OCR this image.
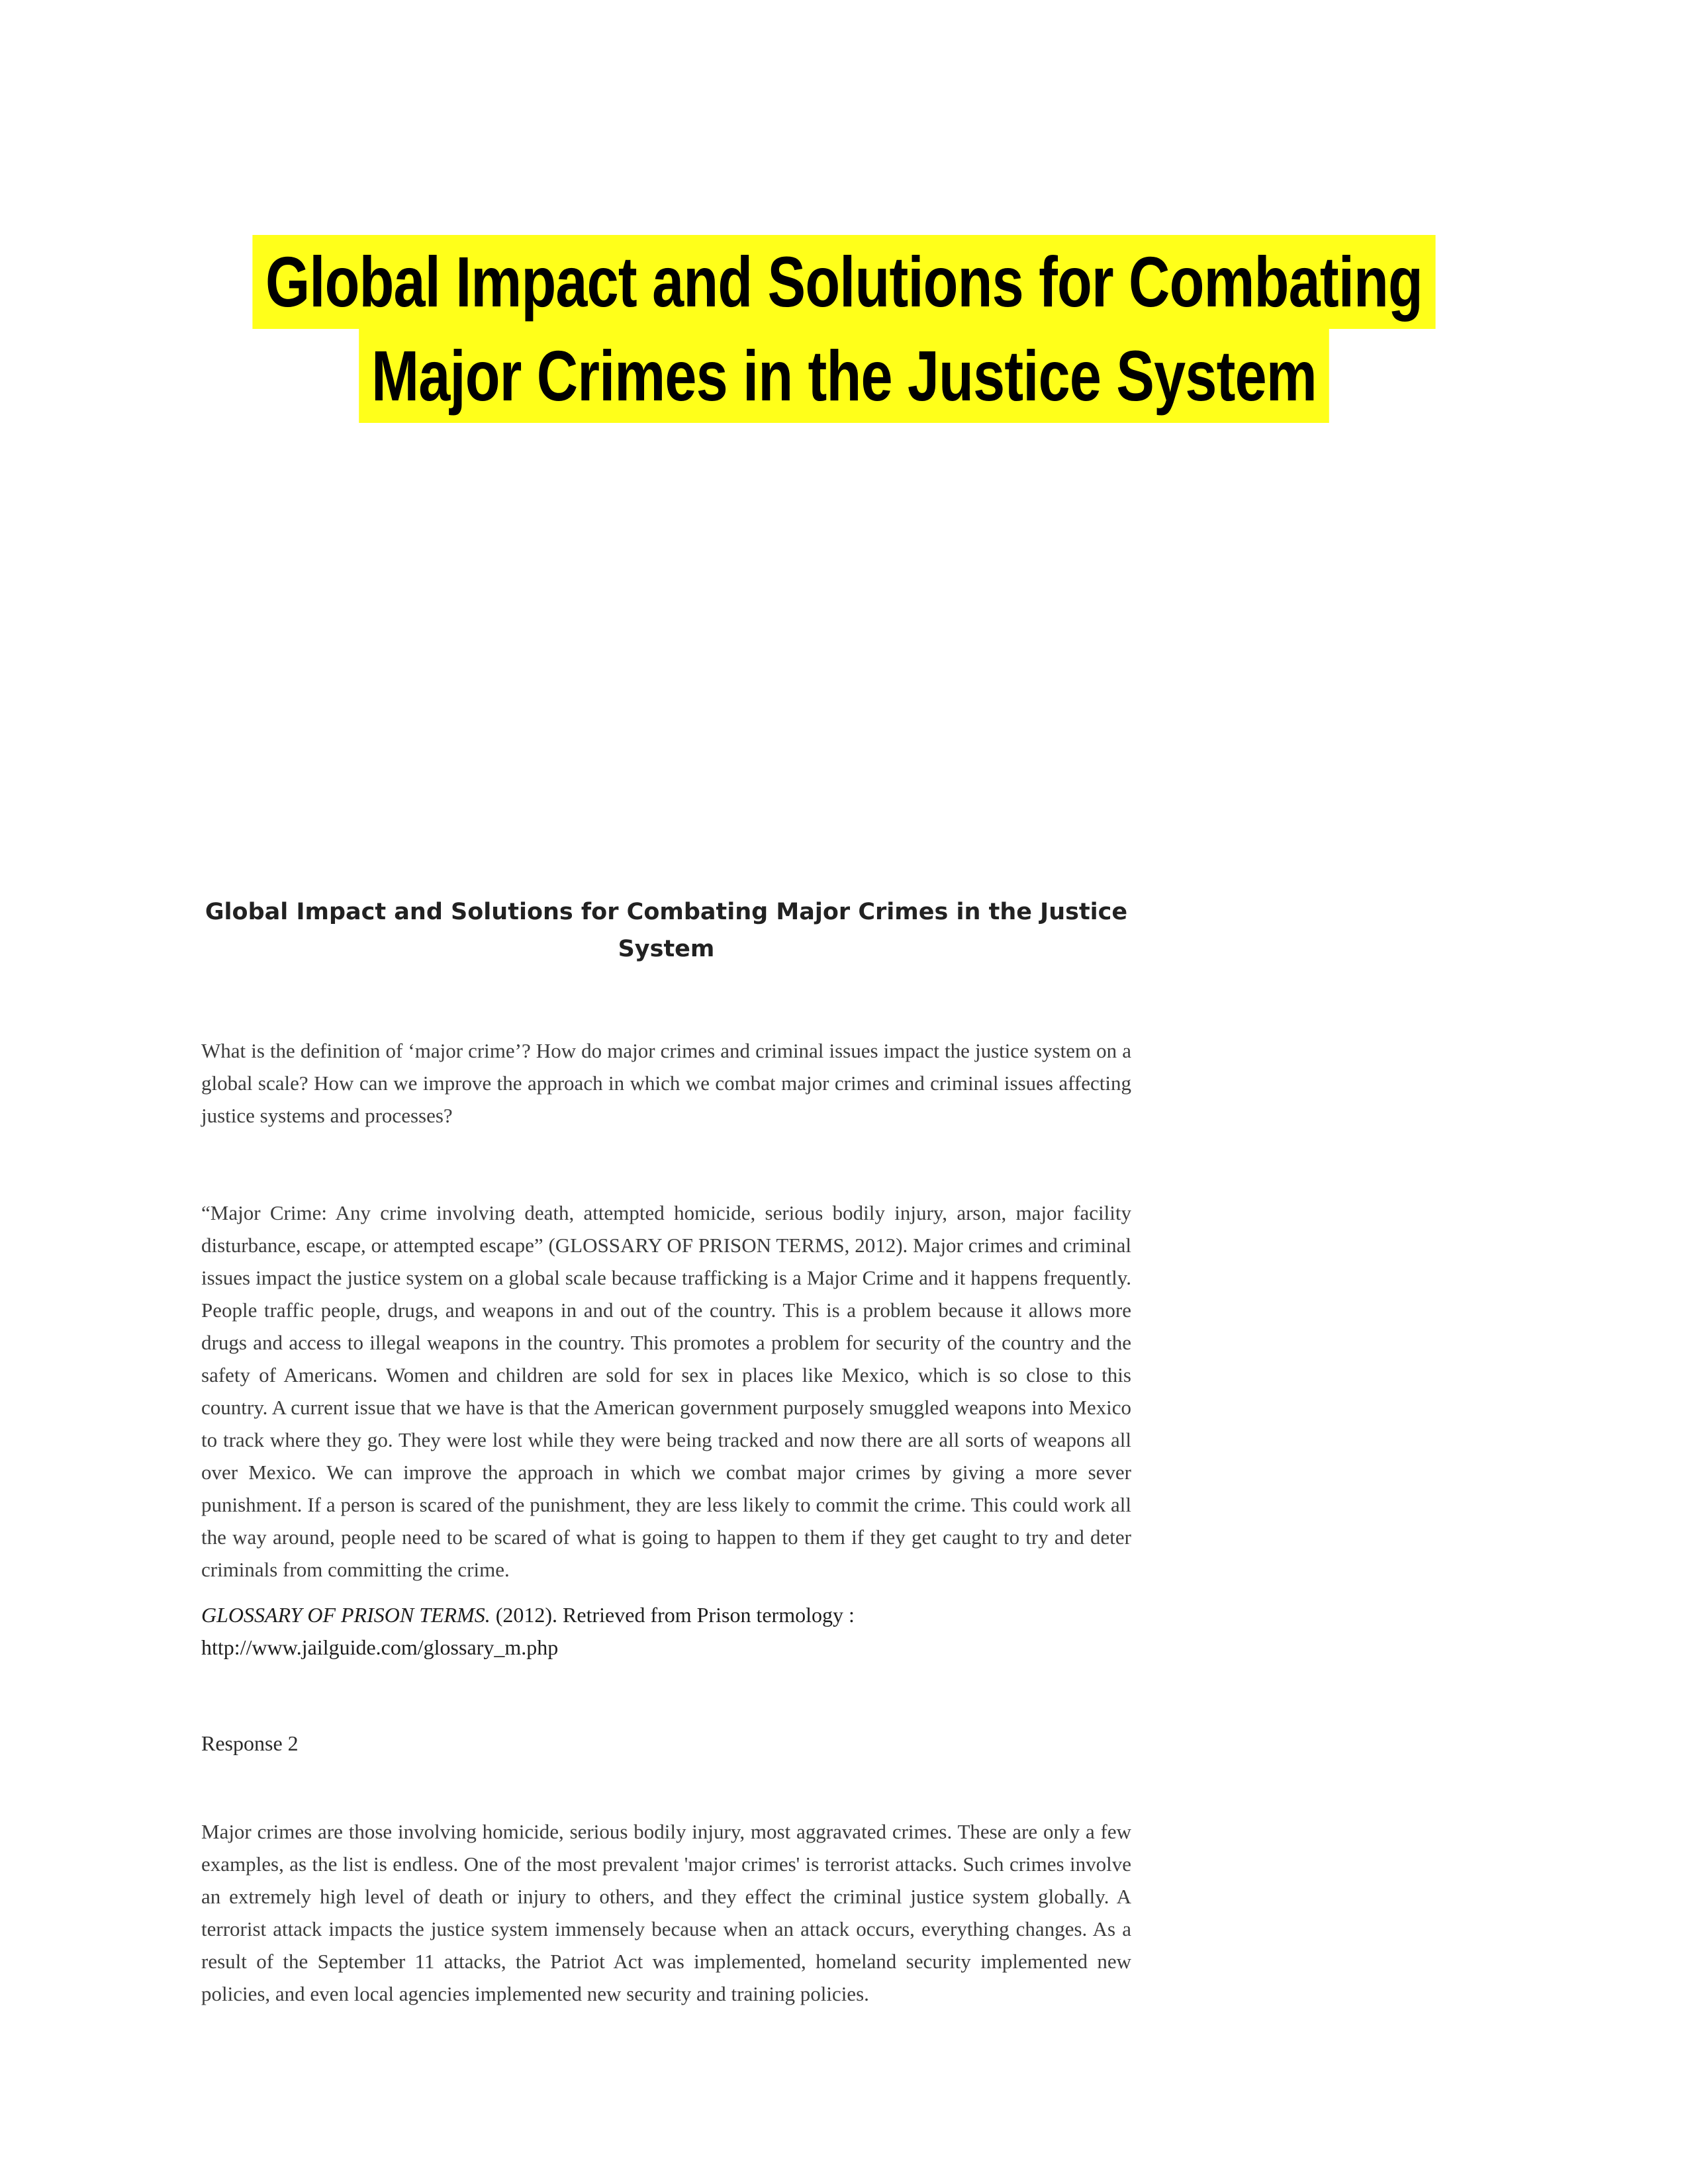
Global Impact and Solutions for Combating
Major Crimes in the Justice System

Global Impact and Solutions for Combating Major Crimes in the Justice System

What is the definition of ‘major crime’? How do major crimes and criminal issues impact the justice system on a global scale? How can we improve the approach in which we combat major crimes and criminal issues affecting justice systems and processes?

“Major Crime: Any crime involving death, attempted homicide, serious bodily injury, arson, major facility disturbance, escape, or attempted escape” (GLOSSARY OF PRISON TERMS, 2012). Major crimes and criminal issues impact the justice system on a global scale because trafficking is a Major Crime and it happens frequently. People traffic people, drugs, and weapons in and out of the country. This is a problem because it allows more drugs and access to illegal weapons in the country. This promotes a problem for security of the country and the safety of Americans. Women and children are sold for sex in places like Mexico, which is so close to this country. A current issue that we have is that the American government purposely smuggled weapons into Mexico to track where they go. They were lost while they were being tracked and now there are all sorts of weapons all over Mexico. We can improve the approach in which we combat major crimes by giving a more sever punishment. If a person is scared of the punishment, they are less likely to commit the crime. This could work all the way around, people need to be scared of what is going to happen to them if they get caught to try and deter criminals from committing the crime.

GLOSSARY OF PRISON TERMS. (2012). Retrieved from Prison termology :
http://www.jailguide.com/glossary_m.php

Response 2

Major crimes are those involving homicide, serious bodily injury, most aggravated crimes. These are only a few examples, as the list is endless. One of the most prevalent 'major crimes' is terrorist attacks. Such crimes involve an extremely high level of death or injury to others, and they effect the criminal justice system globally. A terrorist attack impacts the justice system immensely because when an attack occurs, everything changes. As a result of the September 11 attacks, the Patriot Act was implemented, homeland security implemented new policies, and even local agencies implemented new security and training policies.
